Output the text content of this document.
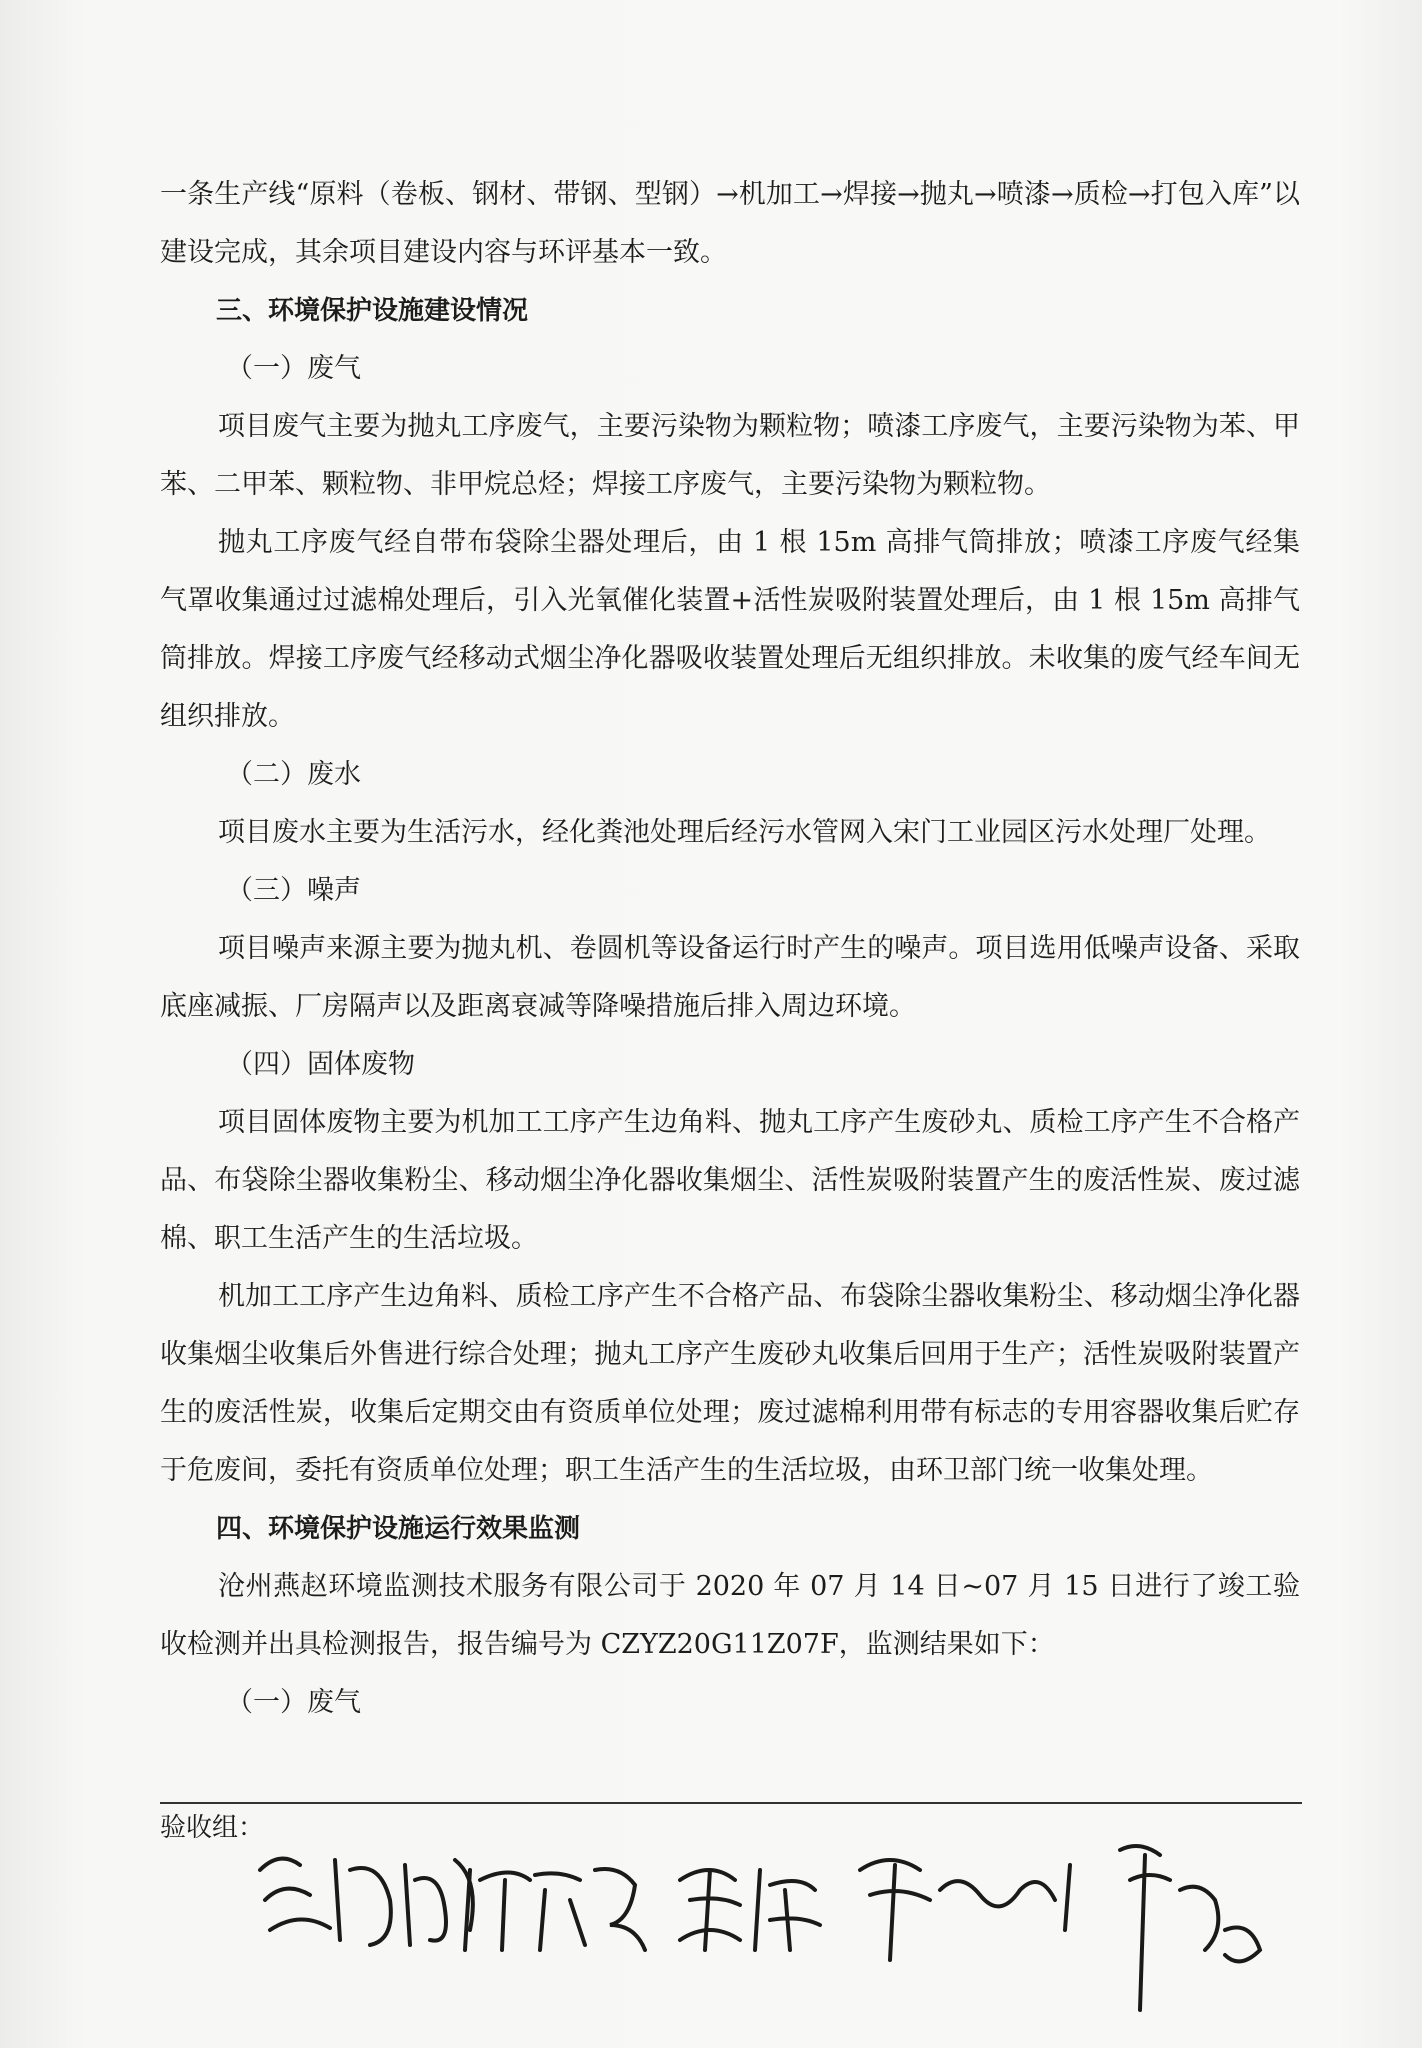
一条生产线“原料（卷板、钢材、带钢、型钢）→机加工→焊接→抛丸→喷漆→质检→打包入库”以建设完成，其余项目建设内容与环评基本一致。

三、环境保护设施建设情况

（一）废气

项目废气主要为抛丸工序废气，主要污染物为颗粒物；喷漆工序废气，主要污染物为苯、甲苯、二甲苯、颗粒物、非甲烷总烃；焊接工序废气，主要污染物为颗粒物。

抛丸工序废气经自带布袋除尘器处理后，由 1 根 15m 高排气筒排放；喷漆工序废气经集气罩收集通过过滤棉处理后，引入光氧催化装置+活性炭吸附装置处理后，由 1 根 15m 高排气筒排放。焊接工序废气经移动式烟尘净化器吸收装置处理后无组织排放。未收集的废气经车间无组织排放。

（二）废水

项目废水主要为生活污水，经化粪池处理后经污水管网入宋门工业园区污水处理厂处理。

（三）噪声

项目噪声来源主要为抛丸机、卷圆机等设备运行时产生的噪声。项目选用低噪声设备、采取底座减振、厂房隔声以及距离衰减等降噪措施后排入周边环境。

（四）固体废物

项目固体废物主要为机加工工序产生边角料、抛丸工序产生废砂丸、质检工序产生不合格产品、布袋除尘器收集粉尘、移动烟尘净化器收集烟尘、活性炭吸附装置产生的废活性炭、废过滤棉、职工生活产生的生活垃圾。

机加工工序产生边角料、质检工序产生不合格产品、布袋除尘器收集粉尘、移动烟尘净化器收集烟尘收集后外售进行综合处理；抛丸工序产生废砂丸收集后回用于生产；活性炭吸附装置产生的废活性炭，收集后定期交由有资质单位处理；废过滤棉利用带有标志的专用容器收集后贮存于危废间，委托有资质单位处理；职工生活产生的生活垃圾，由环卫部门统一收集处理。

四、环境保护设施运行效果监测

沧州燕赵环境监测技术服务有限公司于 2020 年 07 月 14 日~07 月 15 日进行了竣工验收检测并出具检测报告，报告编号为 CZYZ20G11Z07F，监测结果如下：

（一）废气

验收组：
